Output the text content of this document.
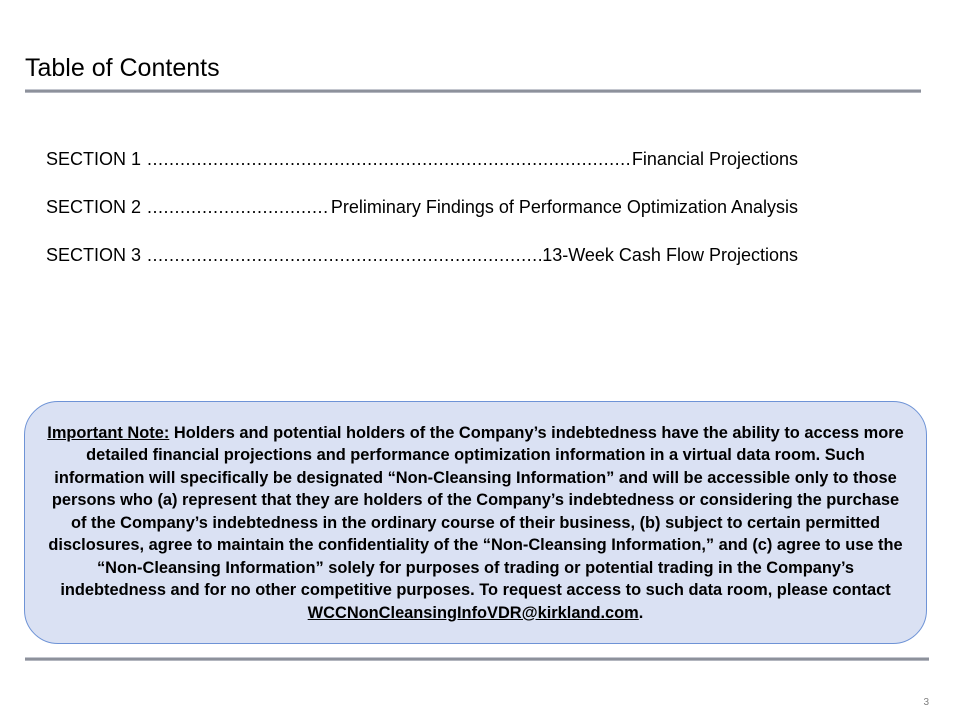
Table of Contents
SECTION 1 .....	Financial Projections
SECTION 2 .....	Preliminary Findings of Performance Optimization Analysis
SECTION 3 .....	13-Week Cash Flow Projections

Important Note: Holders and potential holders of the Company’s indebtedness have the ability to access more detailed financial projections and performance optimization information in a virtual data room. Such information will specifically be designated “Non-Cleansing Information” and will be accessible only to those persons who (a) represent that they are holders of the Company’s indebtedness or considering the purchase of the Company’s indebtedness in the ordinary course of their business, (b) subject to certain permitted disclosures, agree to maintain the confidentiality of the “Non-Cleansing Information,” and (c) agree to use the “Non-Cleansing Information” solely for purposes of trading or potential trading in the Company’s indebtedness and for no other competitive purposes. To request access to such data room, please contact WCCNonCleansingInfoVDR@kirkland.com.

3
